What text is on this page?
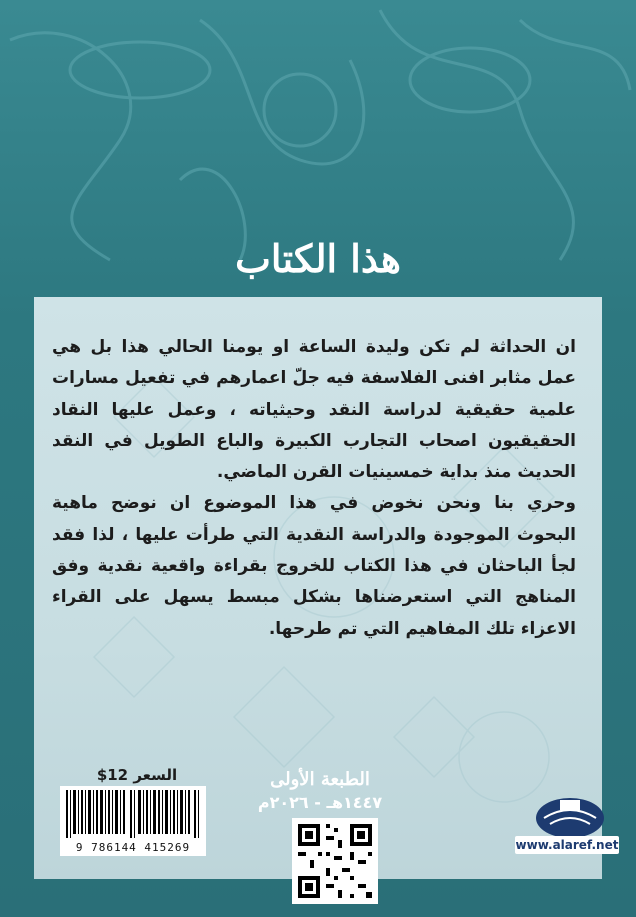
هذا الكتاب

ان الحداثة لم تكن وليدة الساعة او يومنا الحالي هذا بل هي عمل مثابر افنى الفلاسفة فيه جلّ اعمارهم في تفعيل مسارات علمية حقيقية لدراسة النقد وحيثياته ، وعمل عليها النقاد الحقيقيون اصحاب التجارب الكبيرة والباع الطويل في النقد الحديث منذ بداية خمسينيات القرن الماضي.

وحري بنا ونحن نخوض في هذا الموضوع ان نوضح ماهية البحوث الموجودة والدراسة النقدية التي طرأت عليها ، لذا فقد لجأ الباحثان في هذا الكتاب للخروج بقراءة واقعية نقدية وفق المناهج التي استعرضناها بشكل مبسط يسهل على القراء الاعزاء تلك المفاهيم التي تم طرحها.

السعر 12$
9 786144 415269
الطبعة الأولى
١٤٤٧هـ - ٢٠٢٦م
www.alaref.net
